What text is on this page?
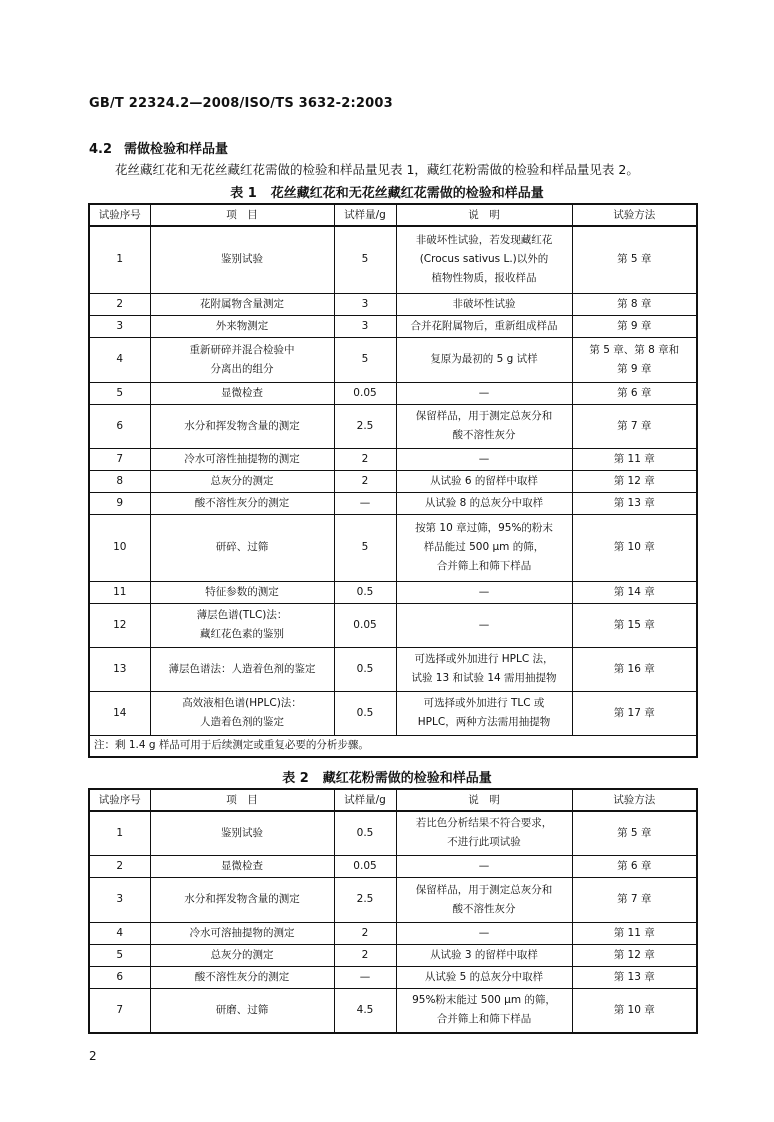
GB/T 22324.2—2008/ISO/TS 3632-2:2003
4.2 需做检验和样品量
花丝藏红花和无花丝藏红花需做的检验和样品量见表 1，藏红花粉需做的检验和样品量见表 2。
表 1 花丝藏红花和无花丝藏红花需做的检验和样品量
试验序号	项　目	试样量/g	说　明	试验方法
1	鉴别试验	5	非破坏性试验，若发现藏红花
(Crocus sativus L.)以外的
植物性物质，报收样品	第 5 章

2	花附属物含量测定	3	非破坏性试验	第 8 章

3	外来物测定	3	合并花附属物后，重新组成样品	第 9 章

4	重新研碎并混合检验中
分离出的组分	5	复原为最初的 5 g 试样	第 5 章、第 8 章和
第 9 章

5	显微检查	0.05	—	第 6 章

6	水分和挥发物含量的测定	2.5	保留样品，用于测定总灰分和
酸不溶性灰分	第 7 章

7	冷水可溶性抽提物的测定	2	—	第 11 章

8	总灰分的测定	2	从试验 6 的留样中取样	第 12 章

9	酸不溶性灰分的测定	—	从试验 8 的总灰分中取样	第 13 章

10	研碎、过筛	5	按第 10 章过筛，95%的粉末
样品能过 500 μm 的筛，
合并筛上和筛下样品	第 10 章

11	特征参数的测定	0.5	—	第 14 章

12	薄层色谱(TLC)法：
藏红花色素的鉴别	0.05	—	第 15 章

13	薄层色谱法：人造着色剂的鉴定	0.5	可选择或外加进行 HPLC 法，
试验 13 和试验 14 需用抽提物	第 16 章

14	高效液相色谱(HPLC)法：
人造着色剂的鉴定	0.5	可选择或外加进行 TLC 或
HPLC，两种方法需用抽提物	第 17 章

注：剩 1.4 g 样品可用于后续测定或重复必要的分析步骤。				
表 2 藏红花粉需做的检验和样品量
试验序号	项　目	试样量/g	说　明	试验方法
1	鉴别试验	0.5	若比色分析结果不符合要求，
不进行此项试验	第 5 章

2	显微检查	0.05	—	第 6 章

3	水分和挥发物含量的测定	2.5	保留样品，用于测定总灰分和
酸不溶性灰分	第 7 章

4	冷水可溶抽提物的测定	2	—	第 11 章

5	总灰分的测定	2	从试验 3 的留样中取样	第 12 章

6	酸不溶性灰分的测定	—	从试验 5 的总灰分中取样	第 13 章

7	研磨、过筛	4.5	95%粉末能过 500 μm 的筛，
合并筛上和筛下样品	第 10 章
2
